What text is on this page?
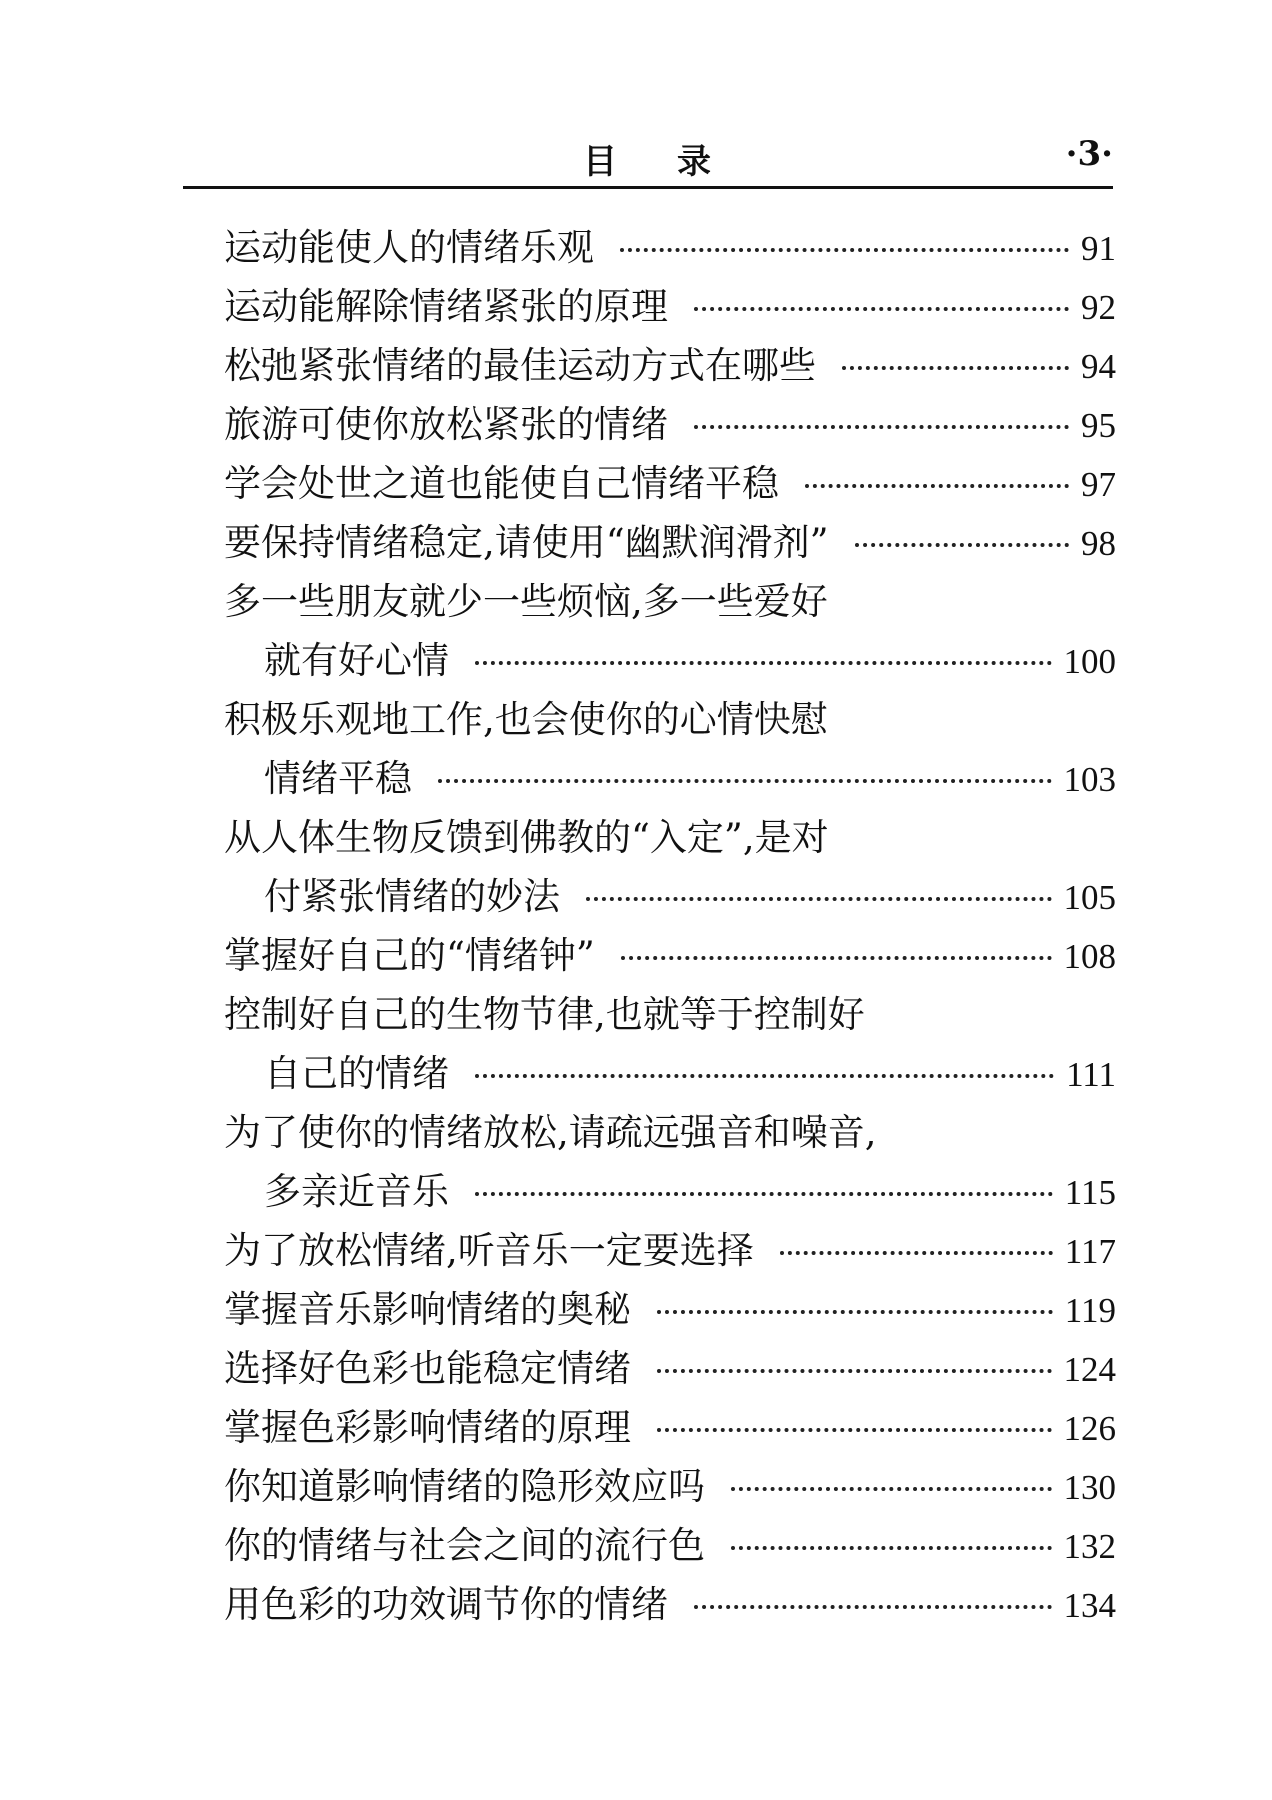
目录	·3·
运动能使人的情绪乐观	91
运动能解除情绪紧张的原理	92
松弛紧张情绪的最佳运动方式在哪些	94
旅游可使你放松紧张的情绪	95
学会处世之道也能使自己情绪平稳	97
要保持情绪稳定,请使用“幽默润滑剂”	98
多一些朋友就少一些烦恼,多一些爱好
就有好心情	100
积极乐观地工作,也会使你的心情快慰
情绪平稳	103
从人体生物反馈到佛教的“入定”,是对
付紧张情绪的妙法	105
掌握好自己的“情绪钟”	108
控制好自己的生物节律,也就等于控制好
自己的情绪	111
为了使你的情绪放松,请疏远强音和噪音,
多亲近音乐	115
为了放松情绪,听音乐一定要选择	117
掌握音乐影响情绪的奥秘	119
选择好色彩也能稳定情绪	124
掌握色彩影响情绪的原理	126
你知道影响情绪的隐形效应吗	130
你的情绪与社会之间的流行色	132
用色彩的功效调节你的情绪	134
